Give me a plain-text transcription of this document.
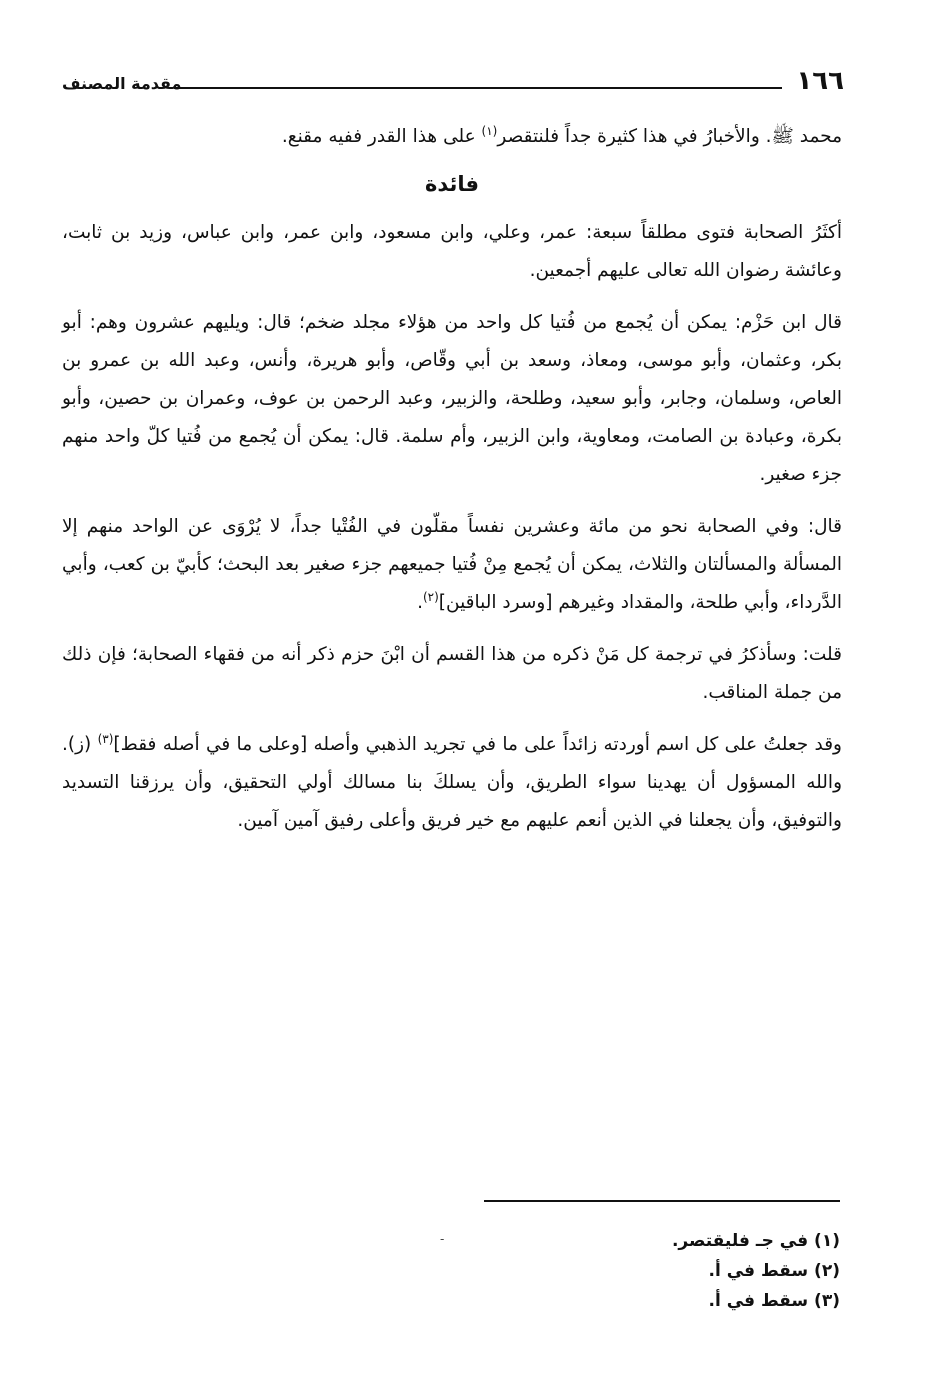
١٦٦
مقدمة المصنف

محمد ﷺ. والأخبارُ في هذا كثيرة جداً فلنتقصر$^{(١)}$ على هذا القدر ففيه مقنع.

فائدة

أكثَرُ الصحابة فتوى مطلقاً سبعة: عمر، وعلي، وابن مسعود، وابن عمر، وابن عباس، وزيد بن ثابت، وعائشة رضوان الله تعالى عليهم أجمعين.

قال ابن حَزْم: يمكن أن يُجمع من فُتيا كل واحد من هؤلاء مجلد ضخم؛ قال: ويليهم عشرون وهم: أبو بكر، وعثمان، وأبو موسى، ومعاذ، وسعد بن أبي وقّاص، وأبو هريرة، وأنس، وعبد الله بن عمرو بن العاص، وسلمان، وجابر، وأبو سعيد، وطلحة، والزبير، وعبد الرحمن بن عوف، وعمران بن حصين، وأبو بكرة، وعبادة بن الصامت، ومعاوية، وابن الزبير، وأم سلمة. قال: يمكن أن يُجمع من فُتيا كلّ واحد منهم جزء صغير.

قال: وفي الصحابة نحو من مائة وعشرين نفساً مقلّون في الفُتْيا جداً، لا يُرْوَى عن الواحد منهم إلا المسألة والمسألتان والثلاث، يمكن أن يُجمع مِنْ فُتيا جميعهم جزء صغير بعد البحث؛ كأبيّ بن كعب، وأبي الدَّرداء، وأبي طلحة، والمقداد وغيرهم [وسرد الباقين]$^{(٢)}$.

قلت: وسأذكرُ في ترجمة كل مَنْ ذكره من هذا القسم أن ابْنَ حزم ذكر أنه من فقهاء الصحابة؛ فإن ذلك من جملة المناقب.

وقد جعلتُ على كل اسم أوردته زائداً على ما في تجريد الذهبي وأصله [وعلى ما في أصله فقط]$^{(٣)}$ (ز). والله المسؤول أن يهدينا سواء الطريق، وأن يسلكَ بنا مسالك أولي التحقيق، وأن يرزقنا التسديد والتوفيق، وأن يجعلنا في الذين أنعم عليهم مع خير فريق وأعلى رفيق آمين آمين.

-	(١) في جـ فليقتصر.

(٢) سقط في أ.

(٣) سقط في أ.
